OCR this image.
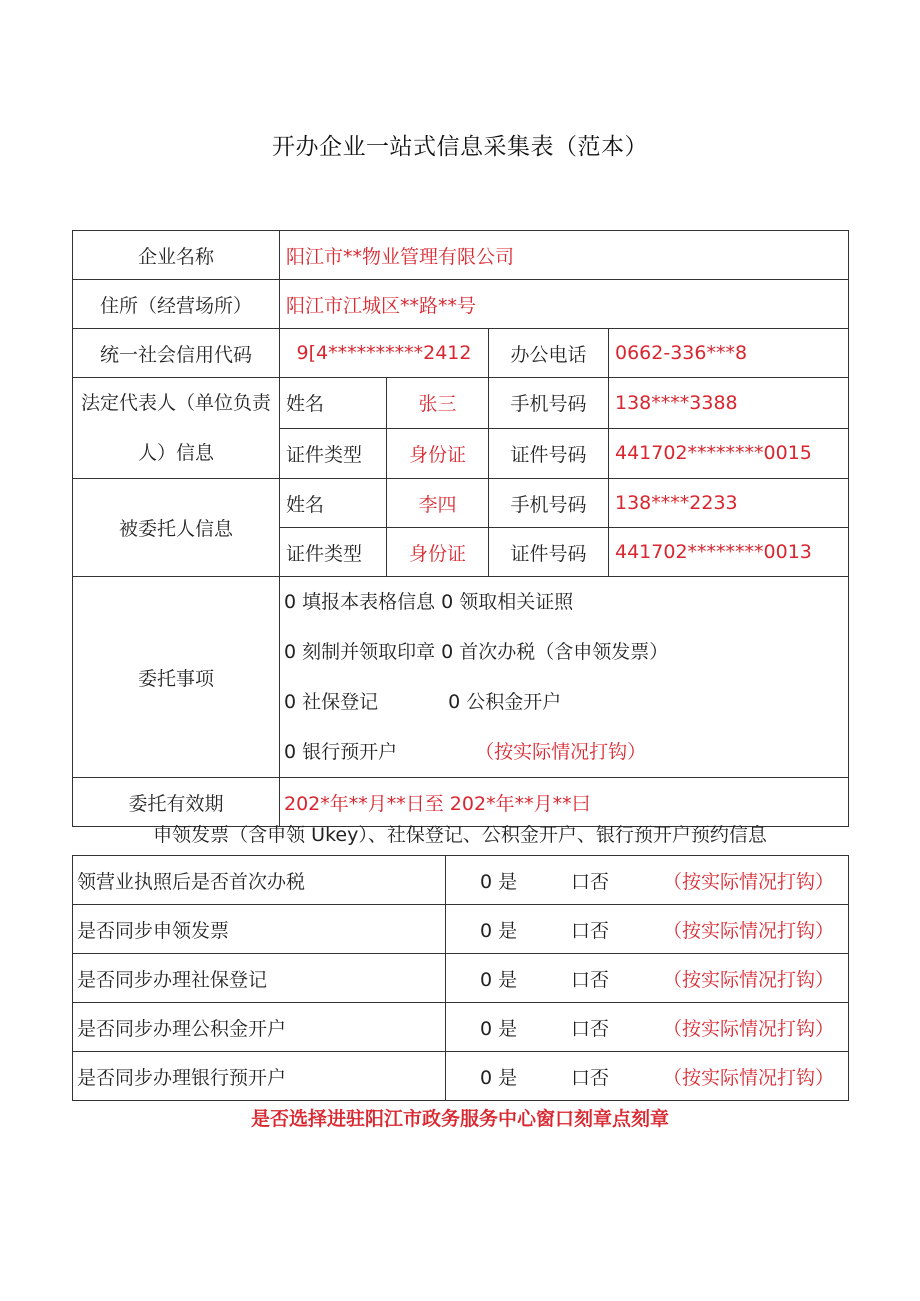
开办企业一站式信息采集表（范本）
企业名称	阳江市**物业管理有限公司			
住所（经营场所）	阳江市江城区**路**号			
统一社会信用代码	9[4**********2412		办公电话	0662-336***8
法定代表人（单位负责人）信息	姓名	张三	手机号码	138****3388
	证件类型	身份证	证件号码	441702********0015
被委托人信息	姓名	李四	手机号码	138****2233
	证件类型	身份证	证件号码	441702********0013
委托事项	0 填报本表格信息 0 领取相关证照
0 刻制并领取印章 0 首次办税（含申领发票）
0 社保登记 0 公积金开户
0 银行预开户 （按实际情况打钩）			

委托有效期	202*年**月**日至 202*年**月**曰			
申领发票（含申领 Ukey）、社保登记、公积金开户、银行预开户预约信息
领营业执照后是否首次办税	0 是 口否 （按实际情况打钩）

是否同步申领发票	0 是 口否 （按实际情况打钩）

是否同步办理社保登记	0 是 口否 （按实际情况打钩）

是否同步办理公积金开户	0 是 口否 （按实际情况打钩）

是否同步办理银行预开户	0 是 口否 （按实际情况打钩）
是否选择进驻阳江市政务服务中心窗口刻章点刻章
